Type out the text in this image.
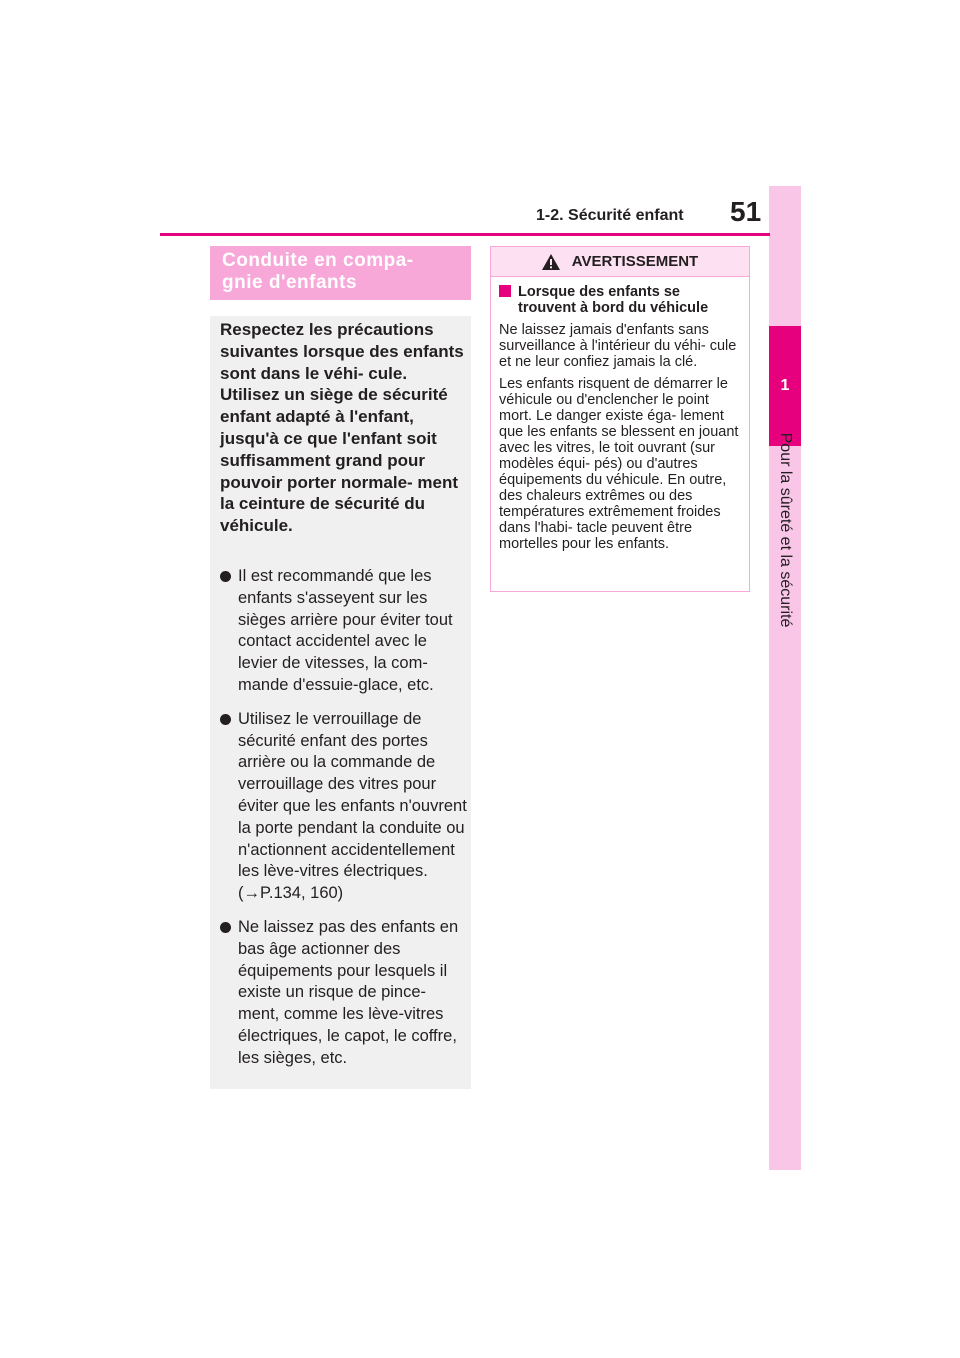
1
Pour la sûreté et la sécurité
1-2. Sécurité enfant 51
Conduite en compa- gnie d'enfants

Respectez les précautions suivantes lorsque des enfants sont dans le véhi- cule. Utilisez un siège de sécurité enfant adapté à l'enfant, jusqu'à ce que l'enfant soit suffisamment grand pour pouvoir porter normale- ment la ceinture de sécurité du véhicule.

Il est recommandé que les enfants s'asseyent sur les sièges arrière pour éviter tout contact accidentel avec le levier de vitesses, la com- mande d'essuie-glace, etc.
Utilisez le verrouillage de sécurité enfant des portes arrière ou la commande de verrouillage des vitres pour éviter que les enfants n'ouvrent la porte pendant la conduite ou n'actionnent accidentellement les lève-vitres électriques. (→P.134, 160)
Ne laissez pas des enfants en bas âge actionner des équipements pour lesquels il existe un risque de pince- ment, comme les lève-vitres électriques, le capot, le coffre, les sièges, etc.
AVERTISSEMENT
Lorsque des enfants se trouvent à bord du véhicule

Ne laissez jamais d'enfants sans surveillance à l'intérieur du véhi- cule et ne leur confiez jamais la clé.

Les enfants risquent de démarrer le véhicule ou d'enclencher le point mort. Le danger existe éga- lement que les enfants se blessent en jouant avec les vitres, le toit ouvrant (sur modèles équi- pés) ou d'autres équipements du véhicule. En outre, des chaleurs extrêmes ou des températures extrêmement froides dans l'habi- tacle peuvent être mortelles pour les enfants.
